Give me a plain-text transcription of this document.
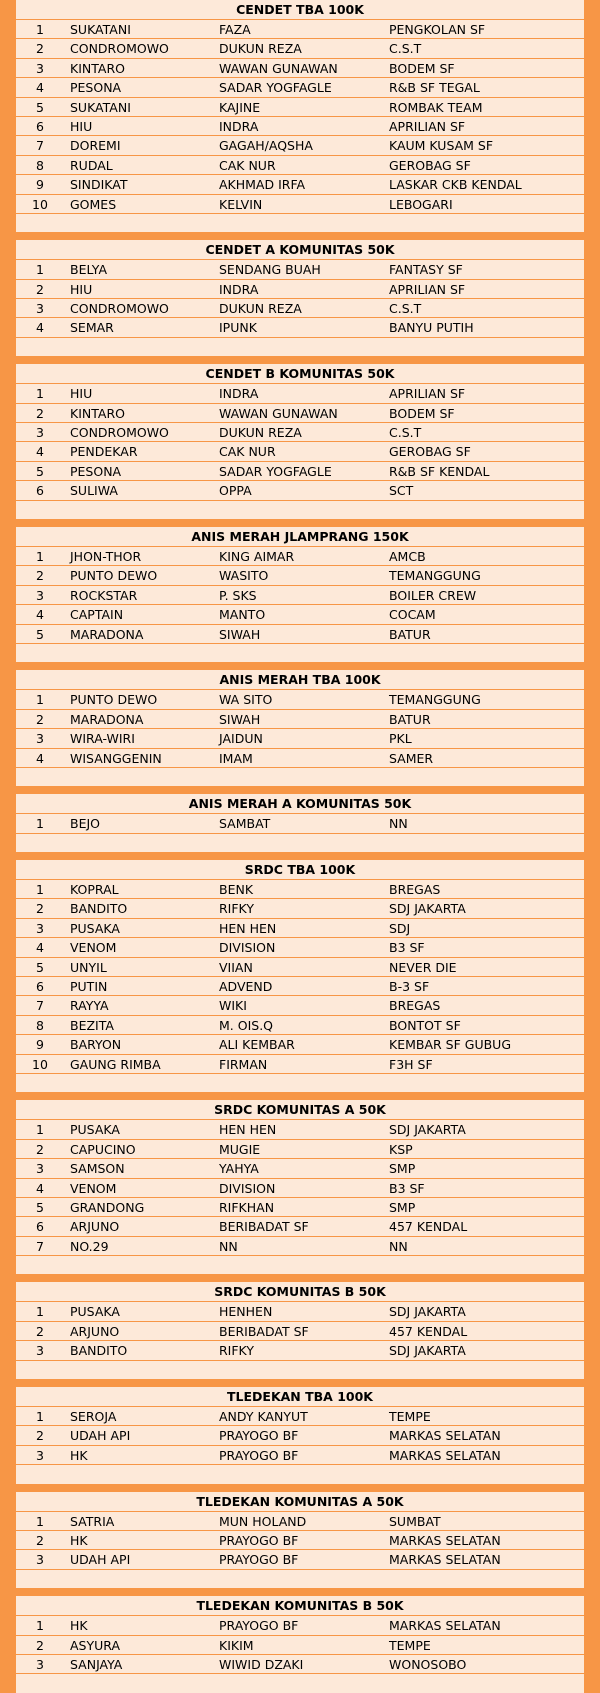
CENDET TBA 100K
1	SUKATANI	FAZA	PENGKOLAN SF
2	CONDROMOWO	DUKUN REZA	C.S.T
3	KINTARO	WAWAN GUNAWAN	BODEM SF
4	PESONA	SADAR YOGFAGLE	R&B SF TEGAL
5	SUKATANI	KAJINE	ROMBAK TEAM
6	HIU	INDRA	APRILIAN SF
7	DOREMI	GAGAH/AQSHA	KAUM KUSAM SF
8	RUDAL	CAK NUR	GEROBAG SF
9	SINDIKAT	AKHMAD IRFA	LASKAR CKB KENDAL
10	GOMES	KELVIN	LEBOGARI
CENDET A KOMUNITAS 50K
1	BELYA	SENDANG BUAH	FANTASY SF
2	HIU	INDRA	APRILIAN SF
3	CONDROMOWO	DUKUN REZA	C.S.T
4	SEMAR	IPUNK	BANYU PUTIH
CENDET B KOMUNITAS 50K
1	HIU	INDRA	APRILIAN SF
2	KINTARO	WAWAN GUNAWAN	BODEM SF
3	CONDROMOWO	DUKUN REZA	C.S.T
4	PENDEKAR	CAK NUR	GEROBAG SF
5	PESONA	SADAR YOGFAGLE	R&B SF KENDAL
6	SULIWA	OPPA	SCT
ANIS MERAH JLAMPRANG 150K
1	JHON-THOR	KING AIMAR	AMCB
2	PUNTO DEWO	WASITO	TEMANGGUNG
3	ROCKSTAR	P. SKS	BOILER CREW
4	CAPTAIN	MANTO	COCAM
5	MARADONA	SIWAH	BATUR
ANIS MERAH TBA 100K
1	PUNTO DEWO	WA SITO	TEMANGGUNG
2	MARADONA	SIWAH	BATUR
3	WIRA-WIRI	JAIDUN	PKL
4	WISANGGENIN	IMAM	SAMER
ANIS MERAH A KOMUNITAS 50K
1	BEJO	SAMBAT	NN
SRDC TBA 100K
1	KOPRAL	BENK	BREGAS
2	BANDITO	RIFKY	SDJ JAKARTA
3	PUSAKA	HEN HEN	SDJ
4	VENOM	DIVISION	B3 SF
5	UNYIL	VIIAN	NEVER DIE
6	PUTIN	ADVEND	B-3 SF
7	RAYYA	WIKI	BREGAS
8	BEZITA	M. OIS.Q	BONTOT SF
9	BARYON	ALI KEMBAR	KEMBAR SF GUBUG
10	GAUNG RIMBA	FIRMAN	F3H SF
SRDC KOMUNITAS A 50K
1	PUSAKA	HEN HEN	SDJ JAKARTA
2	CAPUCINO	MUGIE	KSP
3	SAMSON	YAHYA	SMP
4	VENOM	DIVISION	B3 SF
5	GRANDONG	RIFKHAN	SMP
6	ARJUNO	BERIBADAT SF	457 KENDAL
7	NO.29	NN	NN
SRDC KOMUNITAS B 50K
1	PUSAKA	HENHEN	SDJ JAKARTA
2	ARJUNO	BERIBADAT SF	457 KENDAL
3	BANDITO	RIFKY	SDJ JAKARTA
TLEDEKAN TBA 100K
1	SEROJA	ANDY KANYUT	TEMPE
2	UDAH API	PRAYOGO BF	MARKAS SELATAN
3	HK	PRAYOGO BF	MARKAS SELATAN
TLEDEKAN KOMUNITAS A 50K
1	SATRIA	MUN HOLAND	SUMBAT
2	HK	PRAYOGO BF	MARKAS SELATAN
3	UDAH API	PRAYOGO BF	MARKAS SELATAN
TLEDEKAN KOMUNITAS B 50K
1	HK	PRAYOGO BF	MARKAS SELATAN
2	ASYURA	KIKIM	TEMPE
3	SANJAYA	WIWID DZAKI	WONOSOBO
